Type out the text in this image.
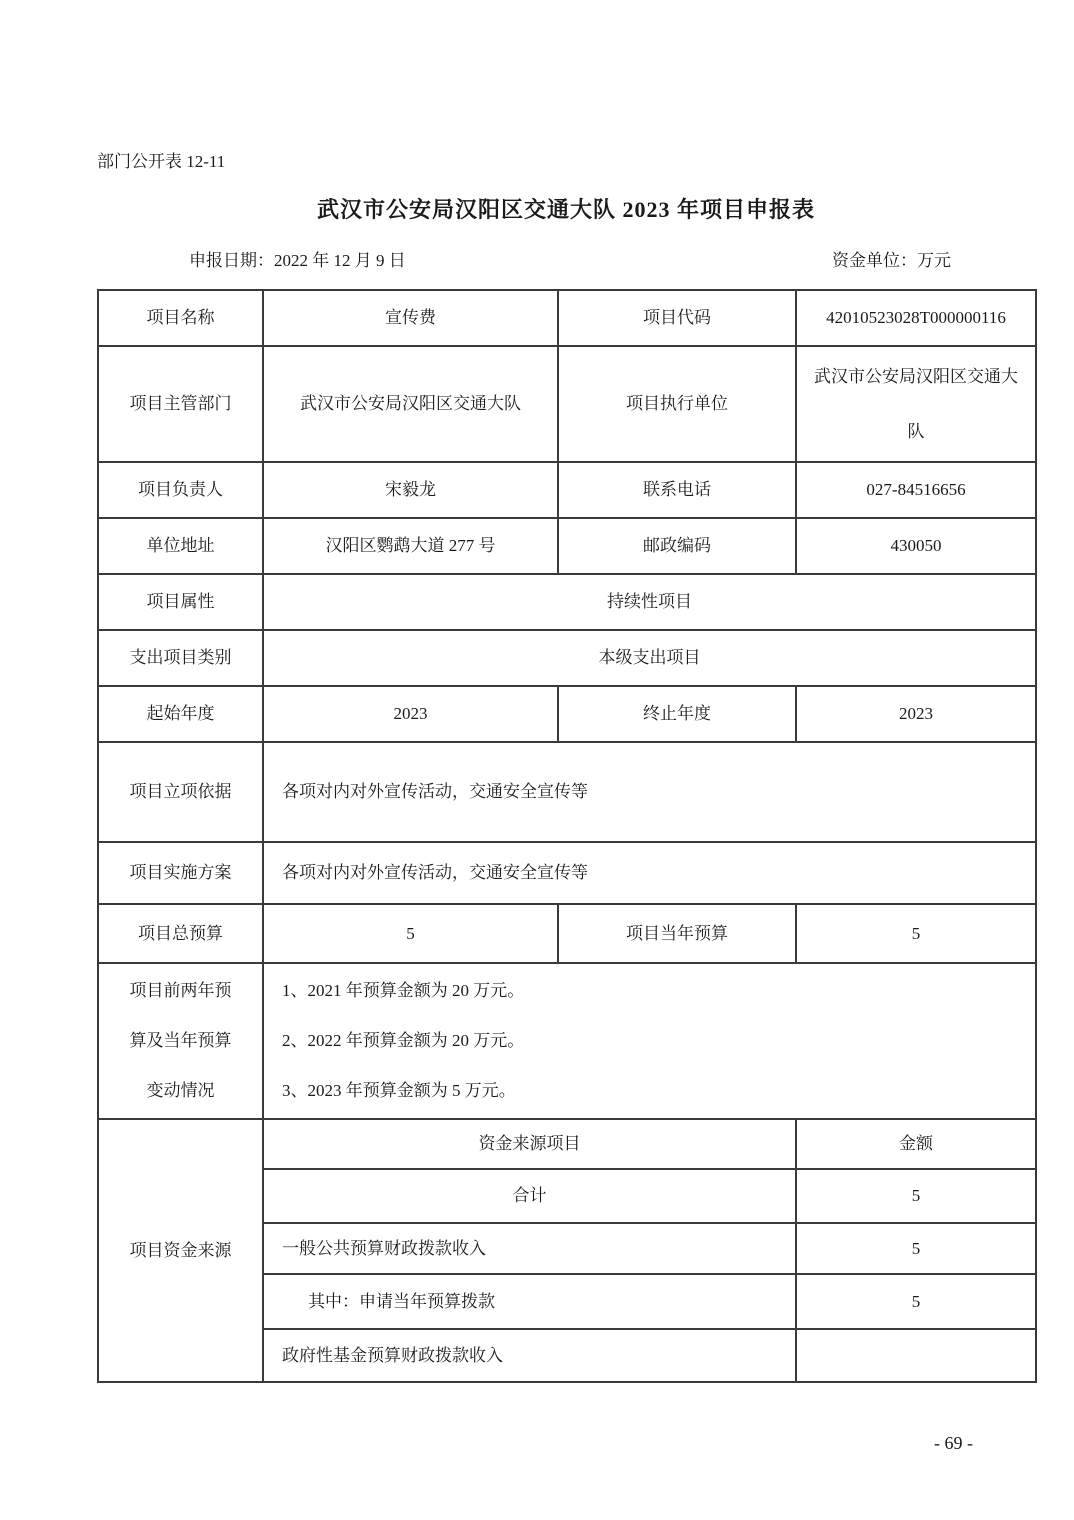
部门公开表 12-11
武汉市公安局汉阳区交通大队 2023 年项目申报表
申报日期：2022 年 12 月 9 日	资金单位：万元
项目名称	宣传费	项目代码	42010523028T000000116
项目主管部门	武汉市公安局汉阳区交通大队	项目执行单位	武汉市公安局汉阳区交通大队
项目负责人	宋毅龙	联系电话	027-84516656
单位地址	汉阳区鹦鹉大道 277 号	邮政编码	430050
项目属性	持续性项目		
支出项目类别	本级支出项目		
起始年度	2023	终止年度	2023
项目立项依据	各项对内对外宣传活动，交通安全宣传等		
项目实施方案	各项对内对外宣传活动，交通安全宣传等		
项目总预算	5	项目当年预算	5
项目前两年预算及当年预算变动情况	1、2021 年预算金额为 20 万元。
2、2022 年预算金额为 20 万元。
3、2023 年预算金额为 5 万元。		

项目资金来源	资金来源项目		金额
	合计		5
	一般公共预算财政拨款收入		5
	其中：申请当年预算拨款		5
	政府性基金预算财政拨款收入		
- 69 -
